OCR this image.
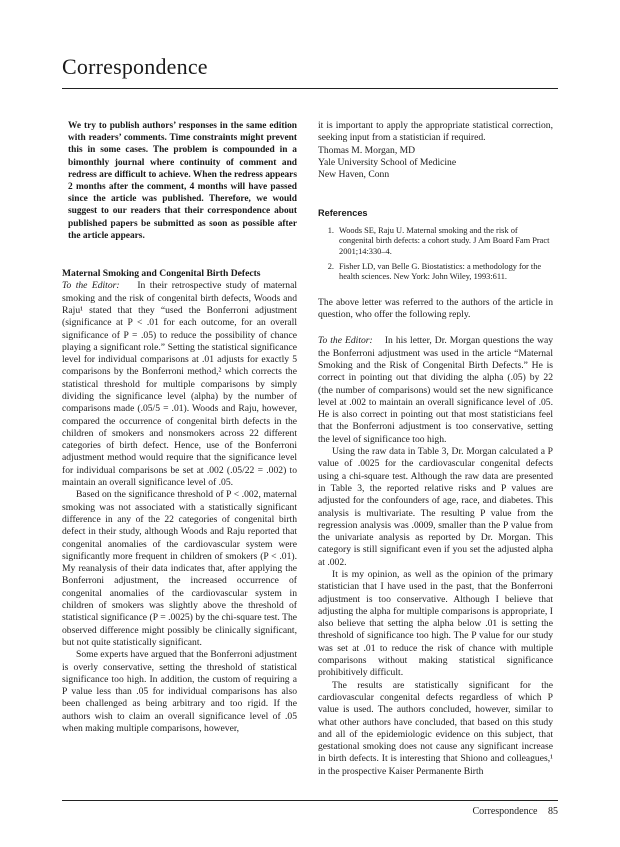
Correspondence

We try to publish authors’ responses in the same edition with readers’ comments. Time constraints might prevent this in some cases. The problem is compounded in a bimonthly journal where continuity of comment and redress are difficult to achieve. When the redress appears 2 months after the comment, 4 months will have passed since the article was published. Therefore, we would suggest to our readers that their correspondence about published papers be submitted as soon as possible after the article appears.

Maternal Smoking and Congenital Birth Defects

To the Editor: In their retrospective study of maternal smoking and the risk of congenital birth defects, Woods and Raju¹ stated that they “used the Bonferroni adjustment (significance at P < .01 for each outcome, for an overall significance of P = .05) to reduce the possibility of chance playing a significant role.” Setting the statistical significance level for individual comparisons at .01 adjusts for exactly 5 comparisons by the Bonferroni method,² which corrects the statistical threshold for multiple comparisons by simply dividing the significance level (alpha) by the number of comparisons made (.05/5 = .01). Woods and Raju, however, compared the occurrence of congenital birth defects in the children of smokers and nonsmokers across 22 different categories of birth defect. Hence, use of the Bonferroni adjustment method would require that the significance level for individual comparisons be set at .002 (.05/22 = .002) to maintain an overall significance level of .05.

Based on the significance threshold of P < .002, maternal smoking was not associated with a statistically significant difference in any of the 22 categories of congenital birth defect in their study, although Woods and Raju reported that congenital anomalies of the cardiovascular system were significantly more frequent in children of smokers (P < .01). My reanalysis of their data indicates that, after applying the Bonferroni adjustment, the increased occurrence of congenital anomalies of the cardiovascular system in children of smokers was slightly above the threshold of statistical significance (P = .0025) by the chi-square test. The observed difference might possibly be clinically significant, but not quite statistically significant.

Some experts have argued that the Bonferroni adjustment is overly conservative, setting the threshold of statistical significance too high. In addition, the custom of requiring a P value less than .05 for individual comparisons has also been challenged as being arbitrary and too rigid. If the authors wish to claim an overall significance level of .05 when making multiple comparisons, however,

it is important to apply the appropriate statistical correction, seeking input from a statistician if required.

Thomas M. Morgan, MD

Yale University School of Medicine

New Haven, Conn

References
1. Woods SE, Raju U. Maternal smoking and the risk of congenital birth defects: a cohort study. J Am Board Fam Pract 2001;14:330–4.
2. Fisher LD, van Belle G. Biostatistics: a methodology for the health sciences. New York: John Wiley, 1993:611.

The above letter was referred to the authors of the article in question, who offer the following reply.

To the Editor: In his letter, Dr. Morgan questions the way the Bonferroni adjustment was used in the article “Maternal Smoking and the Risk of Congenital Birth Defects.” He is correct in pointing out that dividing the alpha (.05) by 22 (the number of comparisons) would set the new significance level at .002 to maintain an overall significance level of .05. He is also correct in pointing out that most statisticians feel that the Bonferroni adjustment is too conservative, setting the level of significance too high.

Using the raw data in Table 3, Dr. Morgan calculated a P value of .0025 for the cardiovascular congenital defects using a chi-square test. Although the raw data are presented in Table 3, the reported relative risks and P values are adjusted for the confounders of age, race, and diabetes. This analysis is multivariate. The resulting P value from the regression analysis was .0009, smaller than the P value from the univariate analysis as reported by Dr. Morgan. This category is still significant even if you set the adjusted alpha at .002.

It is my opinion, as well as the opinion of the primary statistician that I have used in the past, that the Bonferroni adjustment is too conservative. Although I believe that adjusting the alpha for multiple comparisons is appropriate, I also believe that setting the alpha below .01 is setting the threshold of significance too high. The P value for our study was set at .01 to reduce the risk of chance with multiple comparisons without making statistical significance prohibitively difficult.

The results are statistically significant for the cardiovascular congenital defects regardless of which P value is used. The authors concluded, however, similar to what other authors have concluded, that based on this study and all of the epidemiologic evidence on this subject, that gestational smoking does not cause any significant increase in birth defects. It is interesting that Shiono and colleagues,¹ in the prospective Kaiser Permanente Birth

Correspondence 85
